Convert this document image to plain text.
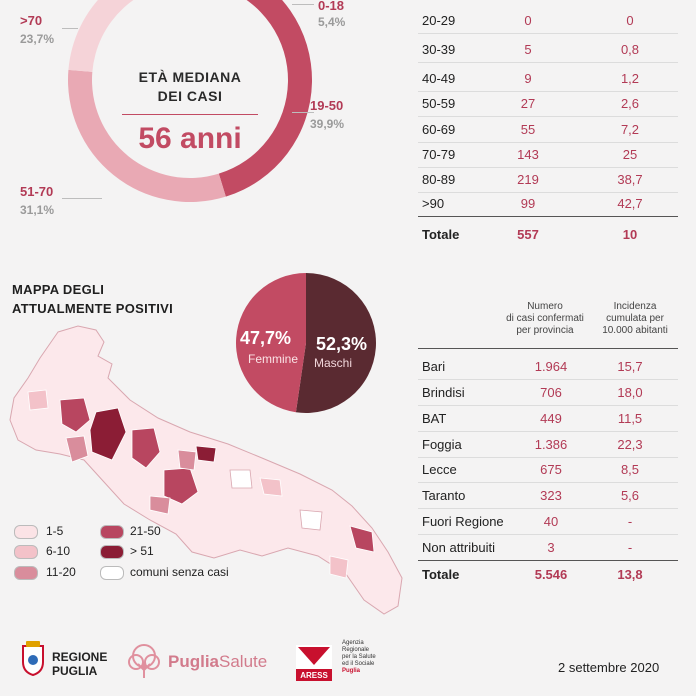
ETÀ MEDIANA
DEI CASI
56 anni
0-18
5,4%
19-50
39,9%
51-70
31,1%
>70
23,7%
20-29	0	0
30-39	5	0,8
40-49	9	1,2
50-59	27	2,6
60-69	55	7,2
70-79	143	25
80-89	219	38,7
>90	99	42,7
Totale	557	10
MAPPA DEGLI
ATTUALMENTE POSITIVI
47,7%
Femmine
52,3%
Maschi
Numero
di casi confermati
per provincia
Incidenza
cumulata per
10.000 abitanti
Bari	1.964	15,7
Brindisi	706	18,0
BAT	449	11,5
Foggia	1.386	22,3
Lecce	675	8,5
Taranto	323	5,6
Fuori Regione	40	-
Non attribuiti	3	-
Totale	5.546	13,8
1-5
6-10
11-20
21-50
> 51
comuni senza casi
REGIONE
PUGLIA	PugliaSalute
ARESS
Agenzia
Regionale
per la Salute
ed il Sociale
Puglia	2 settembre 2020
